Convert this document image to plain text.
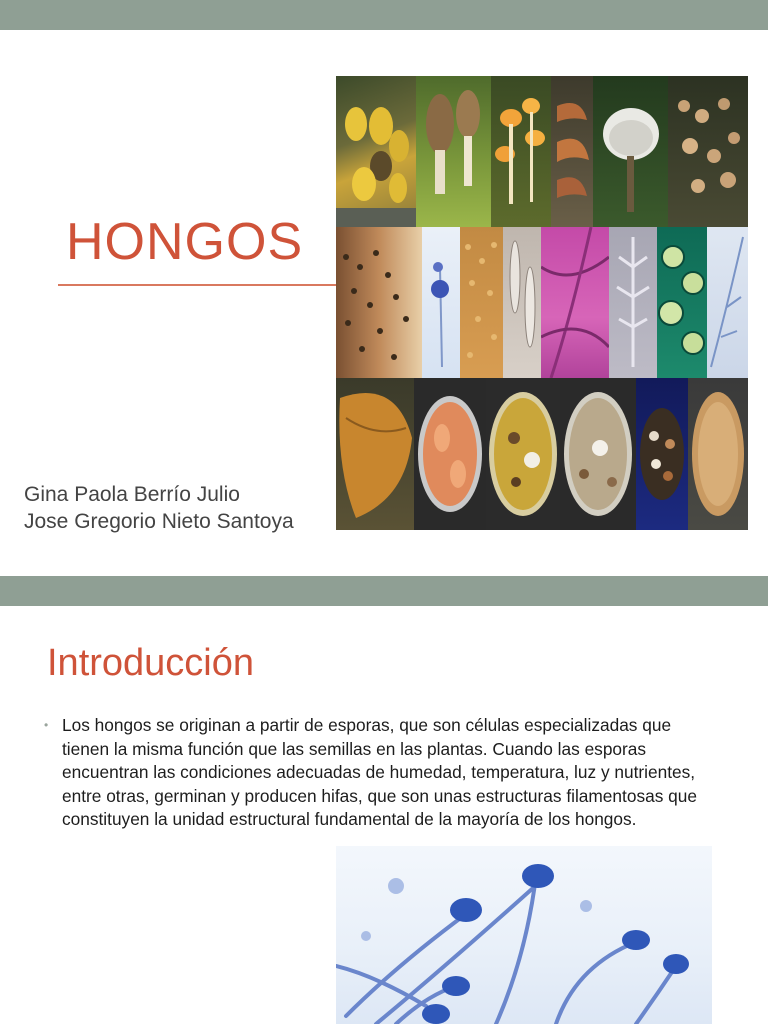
HONGOS
Gina Paola Berrío Julio
Jose Gregorio Nieto Santoya
Introducción
• Los hongos se originan a partir de esporas, que son células especializadas que tienen la misma función que las semillas en las plantas. Cuando las esporas encuentran las condiciones adecuadas de humedad, temperatura, luz y nutrientes, entre otras, germinan y producen hifas, que son unas estructuras filamentosas que constituyen la unidad estructural fundamental de la mayoría de los hongos.
